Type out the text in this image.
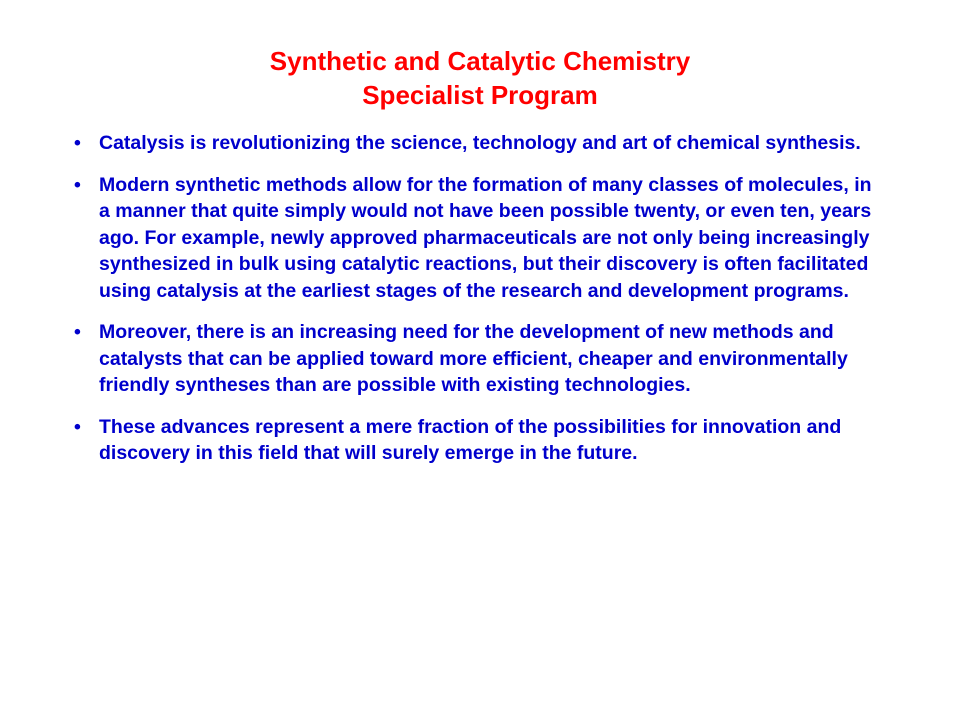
Synthetic and Catalytic Chemistry
Specialist Program
• Catalysis is revolutionizing the science, technology and art of chemical synthesis.
• Modern synthetic methods allow for the formation of many classes of molecules, in a manner that quite simply would not have been possible twenty, or even ten, years ago. For example, newly approved pharmaceuticals are not only being increasingly synthesized in bulk using catalytic reactions, but their discovery is often facilitated using catalysis at the earliest stages of the research and development programs.
• Moreover, there is an increasing need for the development of new methods and catalysts that can be applied toward more efficient, cheaper and environmentally friendly syntheses than are possible with existing technologies.
• These advances represent a mere fraction of the possibilities for innovation and discovery in this field that will surely emerge in the future.
